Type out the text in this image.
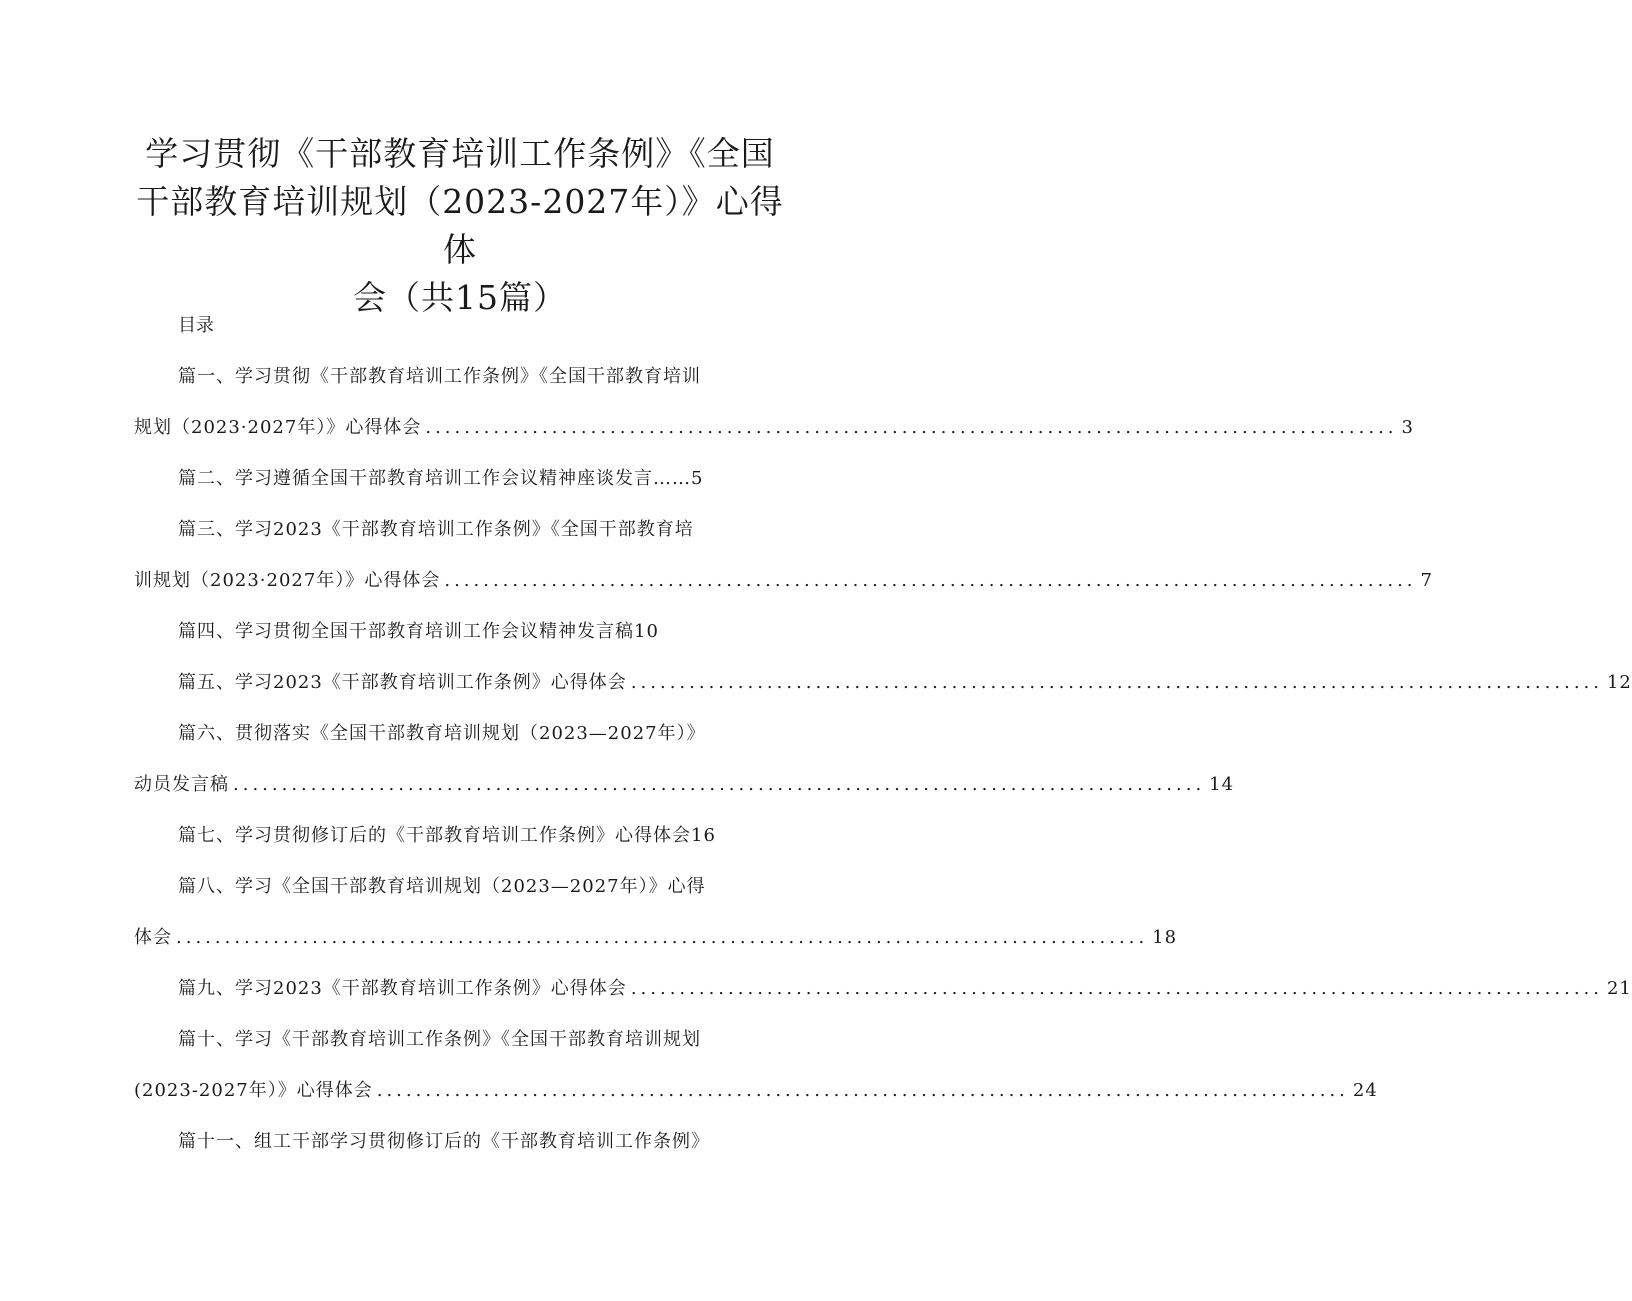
学习贯彻《干部教育培训工作条例》《全国
干部教育培训规划（2023-2027年）》心得体
会（共15篇）
目录
篇一、学习贯彻《干部教育培训工作条例》《全国干部教育培训
规划（2023·2027年）》心得体会 .................................................................................................... 3
篇二、学习遵循全国干部教育培训工作会议精神座谈发言……5
篇三、学习2023《干部教育培训工作条例》《全国干部教育培
训规划（2023·2027年）》心得体会 .................................................................................................... 7
篇四、学习贯彻全国干部教育培训工作会议精神发言稿10
篇五、学习2023《干部教育培训工作条例》心得体会 .................................................................................................... 12
篇六、贯彻落实《全国干部教育培训规划（2023—2027年）》
动员发言稿 .................................................................................................... 14
篇七、学习贯彻修订后的《干部教育培训工作条例》心得体会16
篇八、学习《全国干部教育培训规划（2023—2027年）》心得
体会 .................................................................................................... 18
篇九、学习2023《干部教育培训工作条例》心得体会 .................................................................................................... 21
篇十、学习《干部教育培训工作条例》《全国干部教育培训规划
(2023-2027年）》心得体会 .................................................................................................... 24
篇十一、组工干部学习贯彻修订后的《干部教育培训工作条例》
